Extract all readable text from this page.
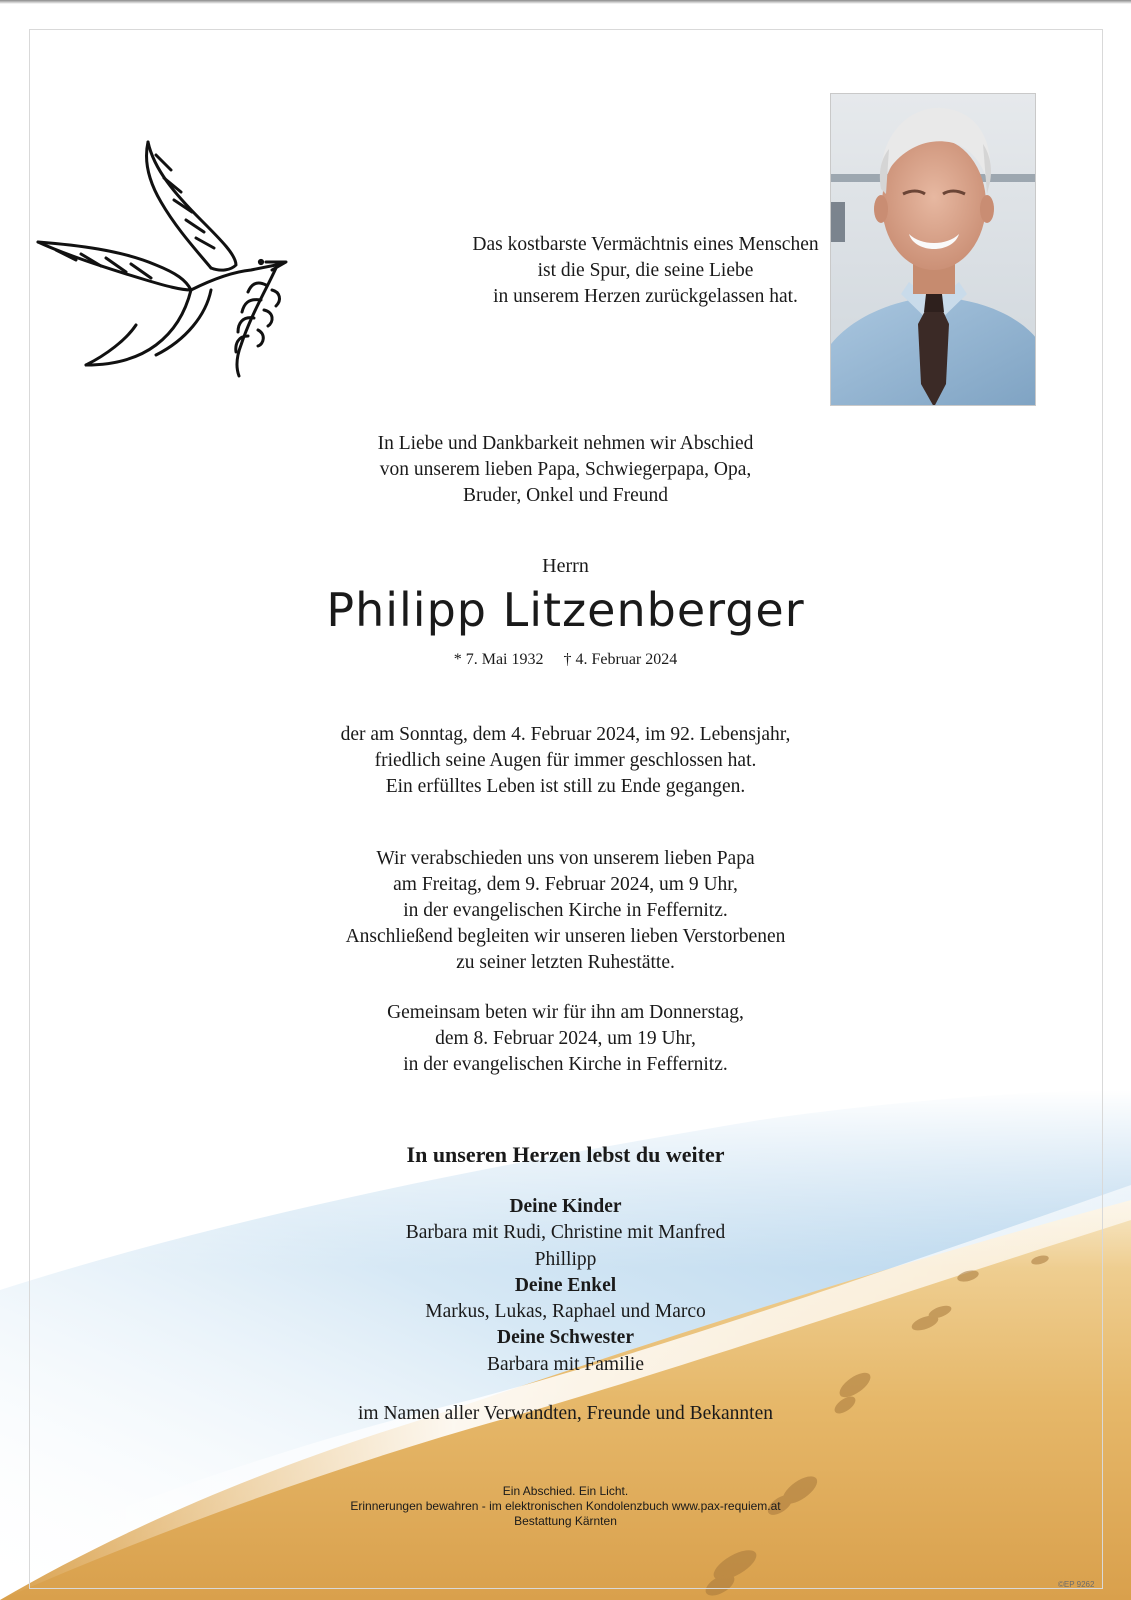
Das kostbarste Vermächtnis eines Menschen
ist die Spur, die seine Liebe
in unserem Herzen zurückgelassen hat.
In Liebe und Dankbarkeit nehmen wir Abschied
von unserem lieben Papa, Schwiegerpapa, Opa,
Bruder, Onkel und Freund
Herrn
Philipp Litzenberger
* 7. Mai 1932 † 4. Februar 2024
der am Sonntag, dem 4. Februar 2024, im 92. Lebensjahr,
friedlich seine Augen für immer geschlossen hat.
Ein erfülltes Leben ist still zu Ende gegangen.
Wir verabschieden uns von unserem lieben Papa
am Freitag, dem 9. Februar 2024, um 9 Uhr,
in der evangelischen Kirche in Feffernitz.
Anschließend begleiten wir unseren lieben Verstorbenen
zu seiner letzten Ruhestätte.
Gemeinsam beten wir für ihn am Donnerstag,
dem 8. Februar 2024, um 19 Uhr,
in der evangelischen Kirche in Feffernitz.
In unseren Herzen lebst du weiter
Deine Kinder
Barbara mit Rudi, Christine mit Manfred
Phillipp
Deine Enkel
Markus, Lukas, Raphael und Marco
Deine Schwester
Barbara mit Familie
im Namen aller Verwandten, Freunde und Bekannten
Ein Abschied. Ein Licht.
Erinnerungen bewahren - im elektronischen Kondolenzbuch www.pax-requiem.at
Bestattung Kärnten
©EP 9262
